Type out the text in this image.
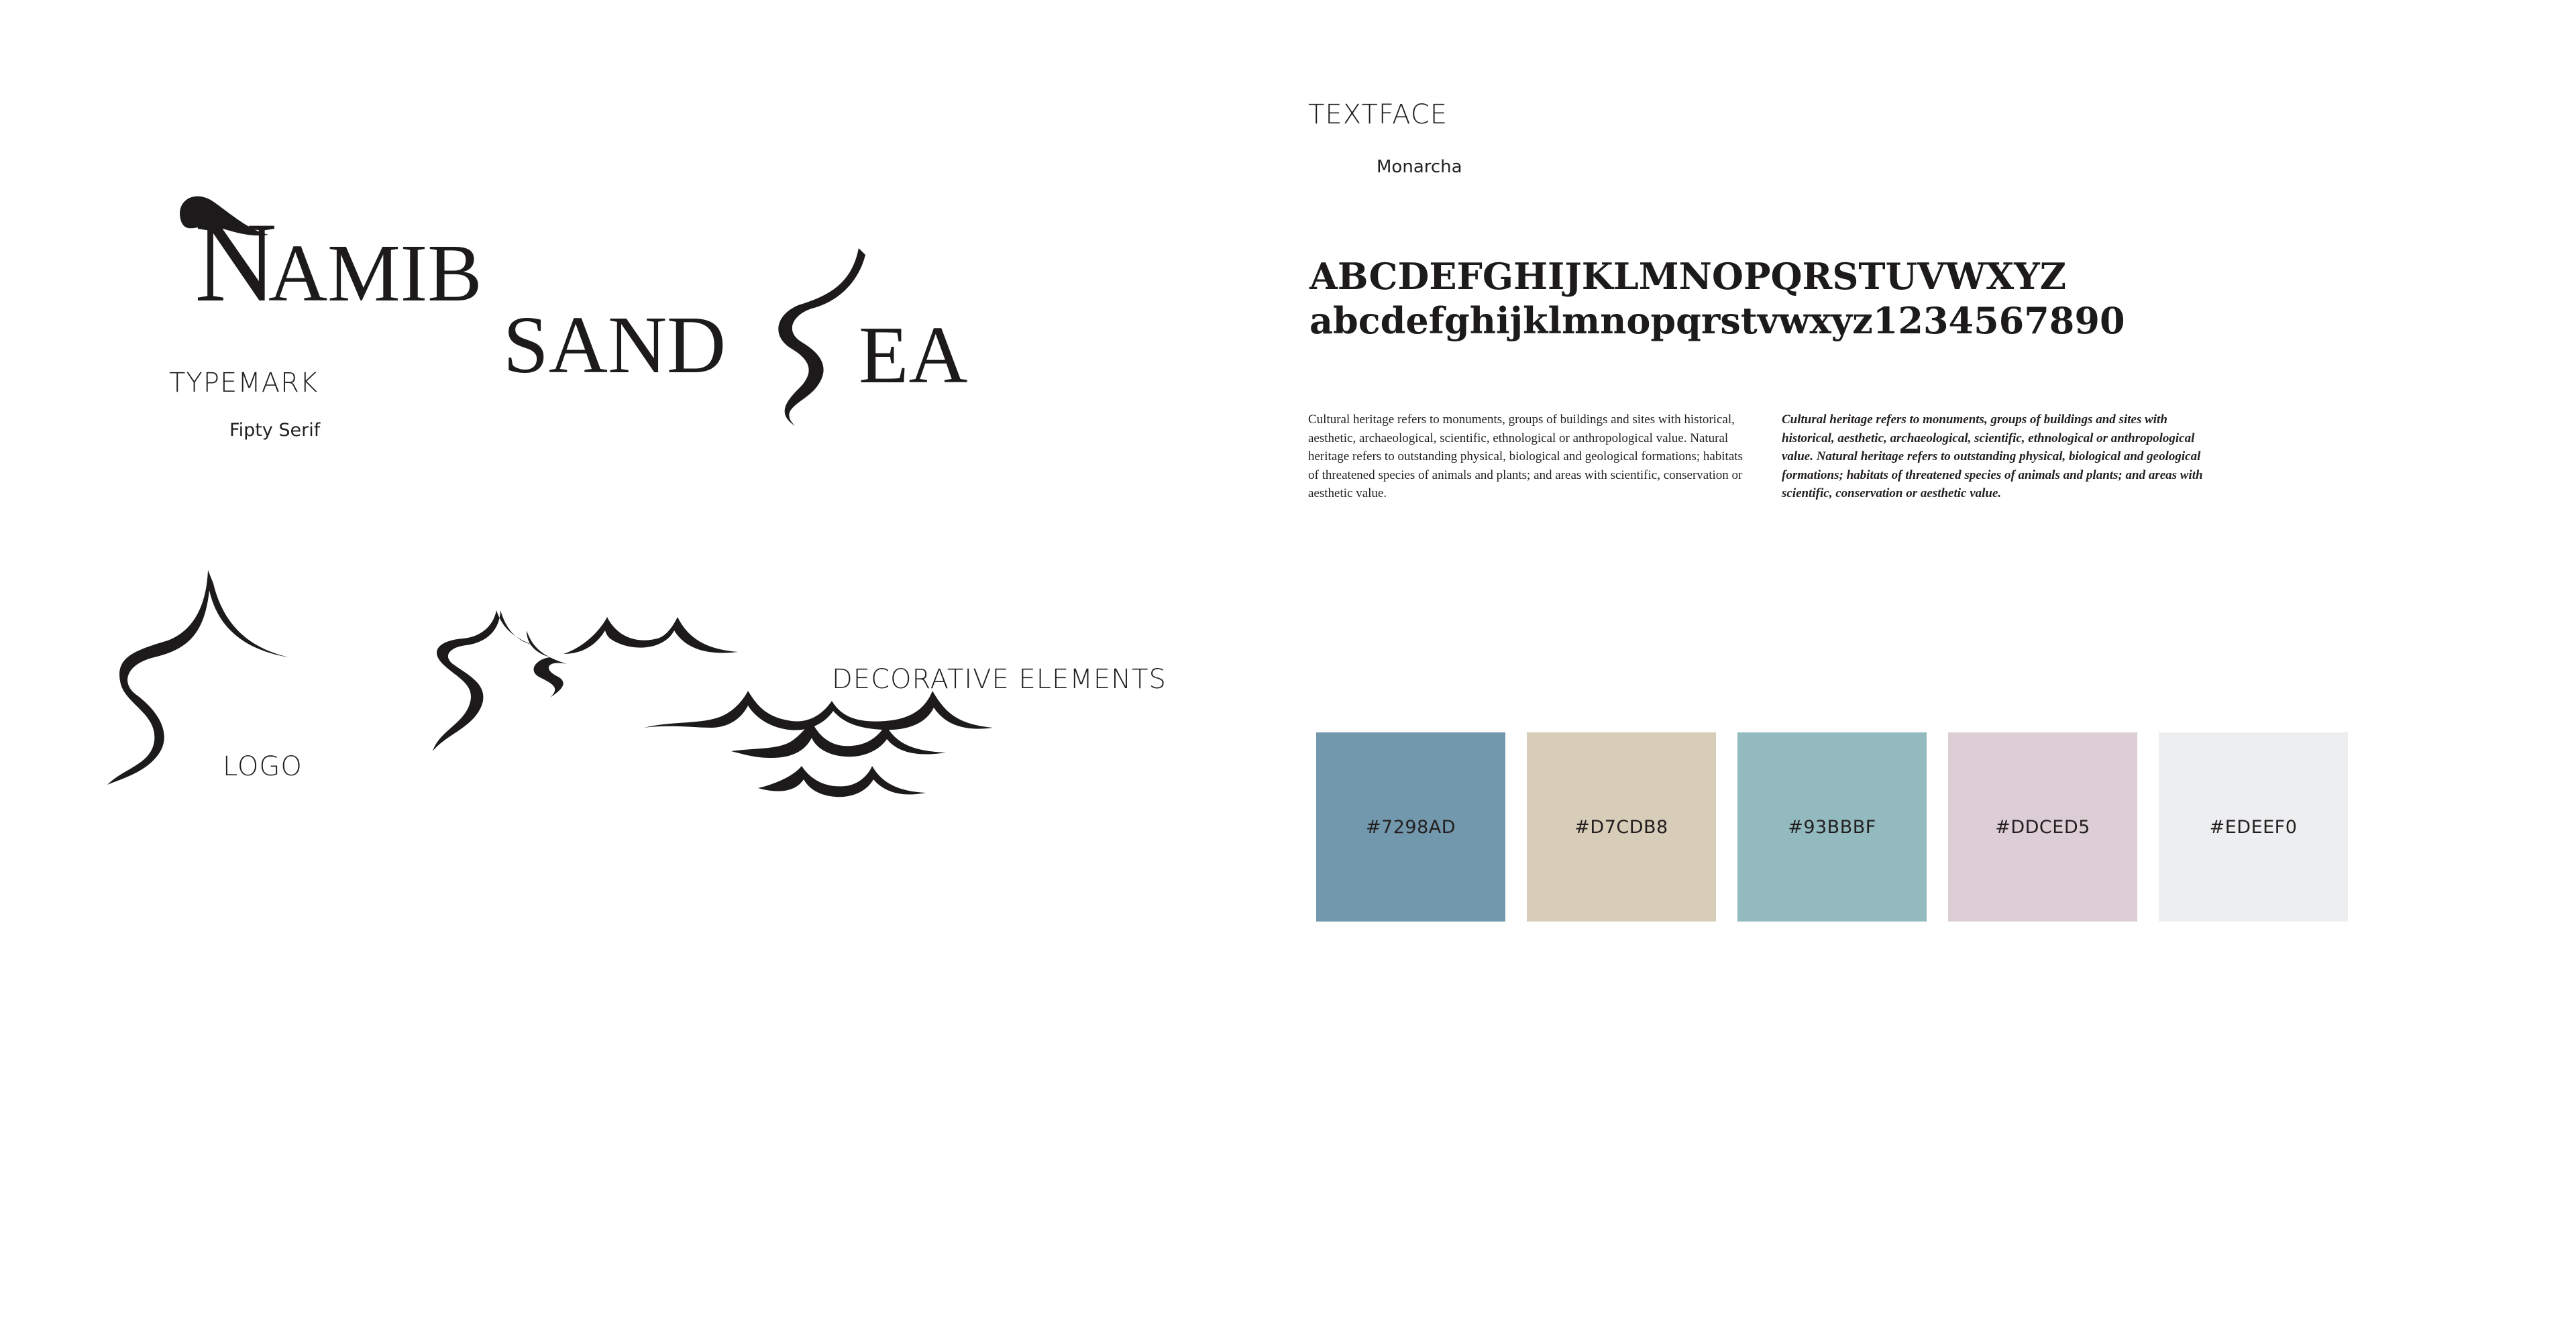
N
AMIB
SAND EA
TYPEMARK
Fipty Serif
LOGO
DECORATIVE ELEMENTS
TEXTFACE
Monarcha
ABCDEFGHIJKLMNOPQRSTUVWXYZ
abcdefghijklmnopqrstvwxyz1234567890
Cultural heritage refers to monuments, groups of buildings and sites with historical, aesthetic, archaeological, scientific, ethnological or anthropological value. Natural heritage refers to outstanding physical, biological and geological formations; habitats of threatened species of animals and plants; and areas with scientific, conservation or aesthetic value.
Cultural heritage refers to monuments, groups of buildings and sites with historical, aesthetic, archaeological, scientific, ethnological or anthropological value. Natural heritage refers to outstanding physical, biological and geological formations; habitats of threatened species of animals and plants; and areas with scientific, conservation or aesthetic value.
#7298AD	#D7CDB8	#93BBBF	#DDCED5	#EDEEF0
